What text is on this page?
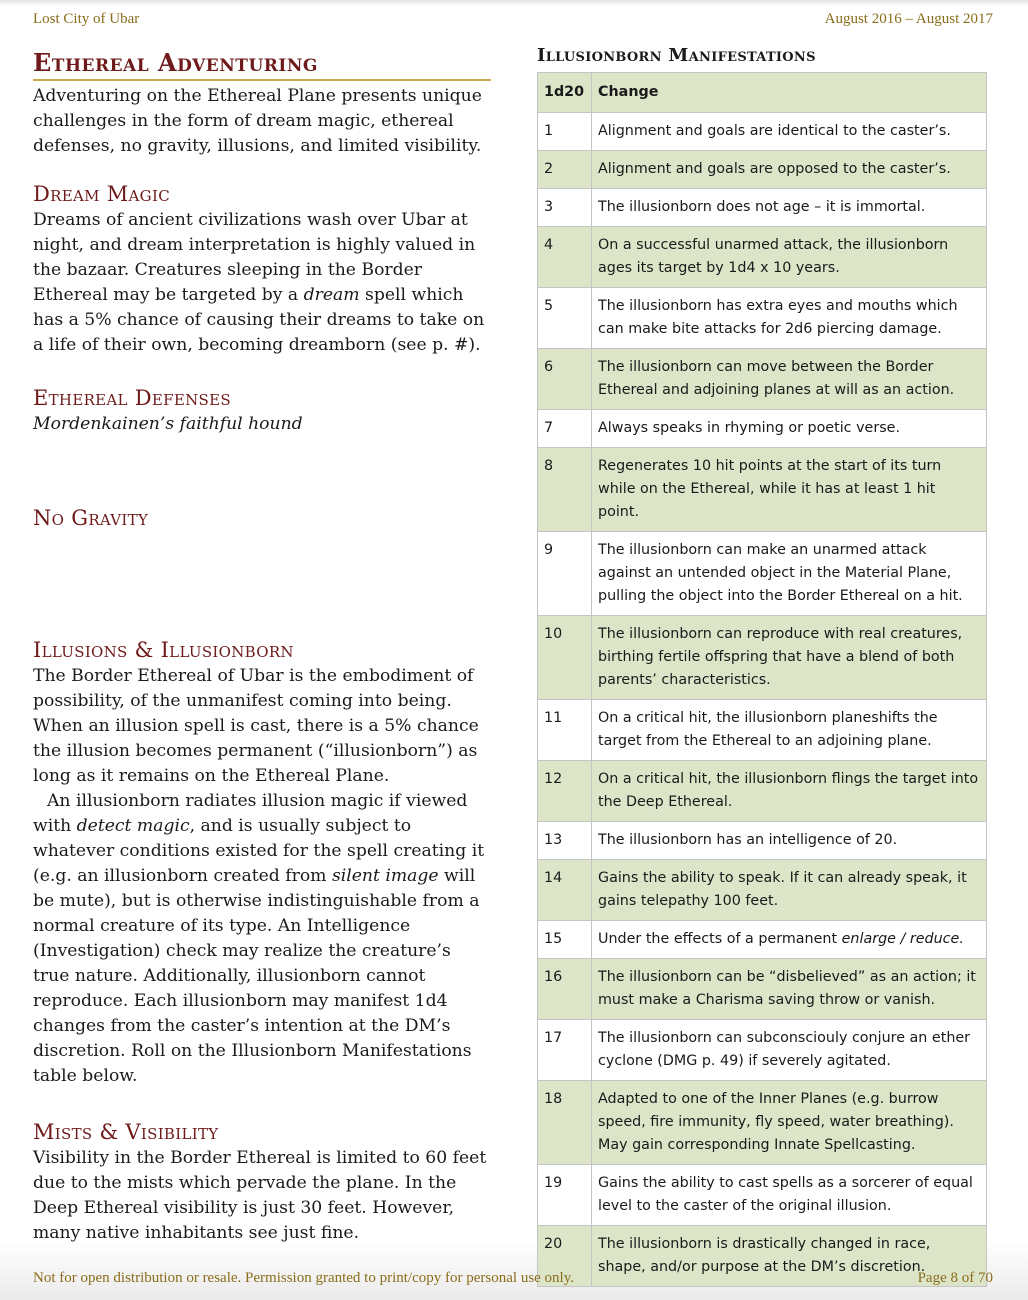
Lost City of Ubar	August 2016 – August 2017
Ethereal Adventuring

Adventuring on the Ethereal Plane presents unique challenges in the form of dream magic, ethereal defenses, no gravity, illusions, and limited visibility.

Dream Magic

Dreams of ancient civilizations wash over Ubar at night, and dream interpretation is highly valued in the bazaar. Creatures sleeping in the Border Ethereal may be targeted by a dream spell which has a 5% chance of causing their dreams to take on a life of their own, becoming dreamborn (see p. #).

Ethereal Defenses

Mordenkainen’s faithful hound

No Gravity
Illusions & Illusionborn

The Border Ethereal of Ubar is the embodiment of possibility, of the unmanifest coming into being. When an illusion spell is cast, there is a 5% chance the illusion becomes permanent (“illusionborn”) as long as it remains on the Ethereal Plane.

An illusionborn radiates illusion magic if viewed with detect magic, and is usually subject to whatever conditions existed for the spell creating it (e.g. an illusionborn created from silent image will be mute), but is otherwise indistinguishable from a normal creature of its type. An Intelligence (Investigation) check may realize the creature’s true nature. Additionally, illusionborn cannot reproduce. Each illusionborn may manifest 1d4 changes from the caster’s intention at the DM’s discretion. Roll on the Illusionborn Manifestations table below.

Mists & Visibility

Visibility in the Border Ethereal is limited to 60 feet due to the mists which pervade the plane. In the Deep Ethereal visibility is just 30 feet. However, many native inhabitants see just fine.

Illusionborn Manifestations
1d20	Change
1	Alignment and goals are identical to the caster’s.
2	Alignment and goals are opposed to the caster’s.
3	The illusionborn does not age – it is immortal.
4	On a successful unarmed attack, the illusionborn ages its target by 1d4 x 10 years.
5	The illusionborn has extra eyes and mouths which can make bite attacks for 2d6 piercing damage.
6	The illusionborn can move between the Border Ethereal and adjoining planes at will as an action.
7	Always speaks in rhyming or poetic verse.
8	Regenerates 10 hit points at the start of its turn while on the Ethereal, while it has at least 1 hit point.
9	The illusionborn can make an unarmed attack against an untended object in the Material Plane, pulling the object into the Border Ethereal on a hit.
10	The illusionborn can reproduce with real creatures, birthing fertile offspring that have a blend of both parents’ characteristics.
11	On a critical hit, the illusionborn planeshifts the target from the Ethereal to an adjoining plane.
12	On a critical hit, the illusionborn flings the target into the Deep Ethereal.
13	The illusionborn has an intelligence of 20.
14	Gains the ability to speak. If it can already speak, it gains telepathy 100 feet.
15	Under the effects of a permanent enlarge / reduce.
16	The illusionborn can be “disbelieved” as an action; it must make a Charisma saving throw or vanish.
17	The illusionborn can subconsciouly conjure an ether cyclone (DMG p. 49) if severely agitated.
18	Adapted to one of the Inner Planes (e.g. burrow speed, fire immunity, fly speed, water breathing). May gain corresponding Innate Spellcasting.
19	Gains the ability to cast spells as a sorcerer of equal level to the caster of the original illusion.
20	The illusionborn is drastically changed in race, shape, and/or purpose at the DM’s discretion.
Not for open distribution or resale. Permission granted to print/copy for personal use only.	Page 8 of 70
